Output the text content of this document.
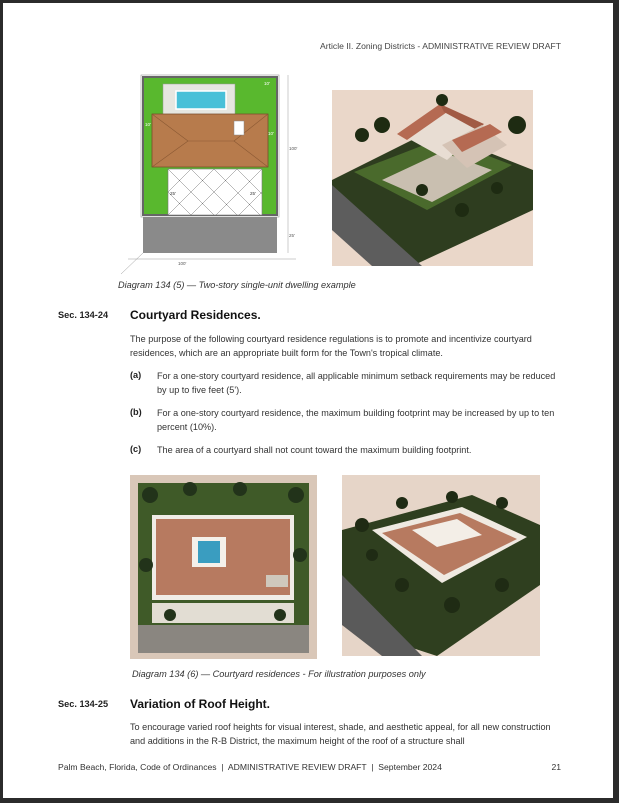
Article II. Zoning Districts - ADMINISTRATIVE REVIEW DRAFT
100'
100'
25'
10'
10'
10'
25'	25'
Diagram 134 (5) — Two-story single-unit dwelling example
Sec. 134-24 Courtyard Residences.
The purpose of the following courtyard residence regulations is to promote and incentivize courtyard residences, which are an appropriate built form for the Town's tropical climate.
(a) For a one-story courtyard residence, all applicable minimum setback requirements may be reduced by up to five feet (5').
(b) For a one-story courtyard residence, the maximum building footprint may be increased by up to ten percent (10%).
(c) The area of a courtyard shall not count toward the maximum building footprint.
Diagram 134 (6) — Courtyard residences - For illustration purposes only
Sec. 134-25 Variation of Roof Height.
To encourage varied roof heights for visual interest, shade, and aesthetic appeal, for all new construction and additions in the R-B District, the maximum height of the roof of a structure shall
Palm Beach, Florida, Code of Ordinances  |  ADMINISTRATIVE REVIEW DRAFT  |  September 2024	21
